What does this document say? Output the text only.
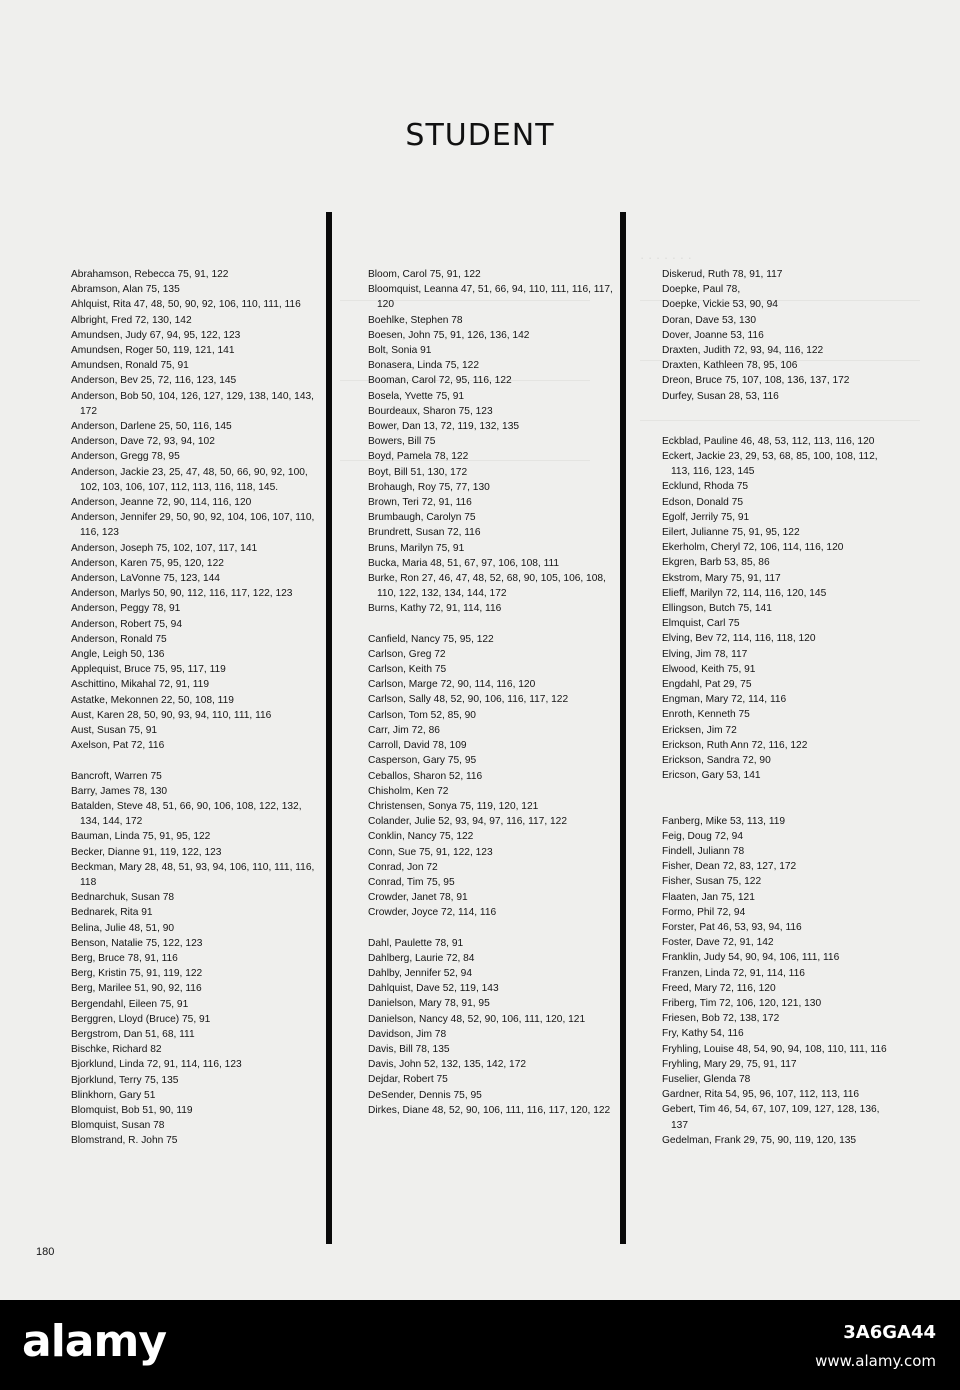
· · · · · · ·
STUDENT
Abrahamson, Rebecca 75, 91, 122
Abramson, Alan 75, 135
Ahlquist, Rita 47, 48, 50, 90, 92, 106, 110, 111, 116
Albright, Fred 72, 130, 142
Amundsen, Judy 67, 94, 95, 122, 123
Amundsen, Roger 50, 119, 121, 141
Amundsen, Ronald 75, 91
Anderson, Bev 25, 72, 116, 123, 145
Anderson, Bob 50, 104, 126, 127, 129, 138, 140, 143, 172
Anderson, Darlene 25, 50, 116, 145
Anderson, Dave 72, 93, 94, 102
Anderson, Gregg 78, 95
Anderson, Jackie 23, 25, 47, 48, 50, 66, 90, 92, 100, 102, 103, 106, 107, 112, 113, 116, 118, 145.
Anderson, Jeanne 72, 90, 114, 116, 120
Anderson, Jennifer 29, 50, 90, 92, 104, 106, 107, 110, 116, 123
Anderson, Joseph 75, 102, 107, 117, 141
Anderson, Karen 75, 95, 120, 122
Anderson, LaVonne 75, 123, 144
Anderson, Marlys 50, 90, 112, 116, 117, 122, 123
Anderson, Peggy 78, 91
Anderson, Robert 75, 94
Anderson, Ronald 75
Angle, Leigh 50, 136
Applequist, Bruce 75, 95, 117, 119
Aschittino, Mikahal 72, 91, 119
Astatke, Mekonnen 22, 50, 108, 119
Aust, Karen 28, 50, 90, 93, 94, 110, 111, 116
Aust, Susan 75, 91
Axelson, Pat 72, 116
Bancroft, Warren 75
Barry, James 78, 130
Batalden, Steve 48, 51, 66, 90, 106, 108, 122, 132, 134, 144, 172
Bauman, Linda 75, 91, 95, 122
Becker, Dianne 91, 119, 122, 123
Beckman, Mary 28, 48, 51, 93, 94, 106, 110, 111, 116, 118
Bednarchuk, Susan 78
Bednarek, Rita 91
Belina, Julie 48, 51, 90
Benson, Natalie 75, 122, 123
Berg, Bruce 78, 91, 116
Berg, Kristin 75, 91, 119, 122
Berg, Marilee 51, 90, 92, 116
Bergendahl, Eileen 75, 91
Berggren, Lloyd (Bruce) 75, 91
Bergstrom, Dan 51, 68, 111
Bischke, Richard 82
Bjorklund, Linda 72, 91, 114, 116, 123
Bjorklund, Terry 75, 135
Blinkhorn, Gary 51
Blomquist, Bob 51, 90, 119
Blomquist, Susan 78
Blomstrand, R. John 75
Bloom, Carol 75, 91, 122
Bloomquist, Leanna 47, 51, 66, 94, 110, 111, 116, 117, 120
Boehlke, Stephen 78
Boesen, John 75, 91, 126, 136, 142
Bolt, Sonia 91
Bonasera, Linda 75, 122
Booman, Carol 72, 95, 116, 122
Bosela, Yvette 75, 91
Bourdeaux, Sharon 75, 123
Bower, Dan 13, 72, 119, 132, 135
Bowers, Bill 75
Boyd, Pamela 78, 122
Boyt, Bill 51, 130, 172
Brohaugh, Roy 75, 77, 130
Brown, Teri 72, 91, 116
Brumbaugh, Carolyn 75
Brundrett, Susan 72, 116
Bruns, Marilyn 75, 91
Bucka, Maria 48, 51, 67, 97, 106, 108, 111
Burke, Ron 27, 46, 47, 48, 52, 68, 90, 105, 106, 108, 110, 122, 132, 134, 144, 172
Burns, Kathy 72, 91, 114, 116
Canfield, Nancy 75, 95, 122
Carlson, Greg 72
Carlson, Keith 75
Carlson, Marge 72, 90, 114, 116, 120
Carlson, Sally 48, 52, 90, 106, 116, 117, 122
Carlson, Tom 52, 85, 90
Carr, Jim 72, 86
Carroll, David 78, 109
Casperson, Gary 75, 95
Ceballos, Sharon 52, 116
Chisholm, Ken 72
Christensen, Sonya 75, 119, 120, 121
Colander, Julie 52, 93, 94, 97, 116, 117, 122
Conklin, Nancy 75, 122
Conn, Sue 75, 91, 122, 123
Conrad, Jon 72
Conrad, Tim 75, 95
Crowder, Janet 78, 91
Crowder, Joyce 72, 114, 116
Dahl, Paulette 78, 91
Dahlberg, Laurie 72, 84
Dahlby, Jennifer 52, 94
Dahlquist, Dave 52, 119, 143
Danielson, Mary 78, 91, 95
Danielson, Nancy 48, 52, 90, 106, 111, 120, 121
Davidson, Jim 78
Davis, Bill 78, 135
Davis, John 52, 132, 135, 142, 172
Dejdar, Robert 75
DeSender, Dennis 75, 95
Dirkes, Diane 48, 52, 90, 106, 111, 116, 117, 120, 122
Diskerud, Ruth 78, 91, 117
Doepke, Paul 78,
Doepke, Vickie 53, 90, 94
Doran, Dave 53, 130
Dover, Joanne 53, 116
Draxten, Judith 72, 93, 94, 116, 122
Draxten, Kathleen 78, 95, 106
Dreon, Bruce 75, 107, 108, 136, 137, 172
Durfey, Susan 28, 53, 116
Eckblad, Pauline 46, 48, 53, 112, 113, 116, 120
Eckert, Jackie 23, 29, 53, 68, 85, 100, 108, 112, 113, 116, 123, 145
Ecklund, Rhoda 75
Edson, Donald 75
Egolf, Jerrily 75, 91
Eilert, Julianne 75, 91, 95, 122
Ekerholm, Cheryl 72, 106, 114, 116, 120
Ekgren, Barb 53, 85, 86
Ekstrom, Mary 75, 91, 117
Elieff, Marilyn 72, 114, 116, 120, 145
Ellingson, Butch 75, 141
Elmquist, Carl 75
Elving, Bev 72, 114, 116, 118, 120
Elving, Jim 78, 117
Elwood, Keith 75, 91
Engdahl, Pat 29, 75
Engman, Mary 72, 114, 116
Enroth, Kenneth 75
Ericksen, Jim 72
Erickson, Ruth Ann 72, 116, 122
Erickson, Sandra 72, 90
Ericson, Gary 53, 141
Fanberg, Mike 53, 113, 119
Feig, Doug 72, 94
Findell, Juliann 78
Fisher, Dean 72, 83, 127, 172
Fisher, Susan 75, 122
Flaaten, Jan 75, 121
Formo, Phil 72, 94
Forster, Pat 46, 53, 93, 94, 116
Foster, Dave 72, 91, 142
Franklin, Judy 54, 90, 94, 106, 111, 116
Franzen, Linda 72, 91, 114, 116
Freed, Mary 72, 116, 120
Friberg, Tim 72, 106, 120, 121, 130
Friesen, Bob 72, 138, 172
Fry, Kathy 54, 116
Fryhling, Louise 48, 54, 90, 94, 108, 110, 111, 116
Fryhling, Mary 29, 75, 91, 117
Fuselier, Glenda 78
Gardner, Rita 54, 95, 96, 107, 112, 113, 116
Gebert, Tim 46, 54, 67, 107, 109, 127, 128, 136, 137
Gedelman, Frank 29, 75, 90, 119, 120, 135
180
alamy	3A6GA44
www.alamy.com
